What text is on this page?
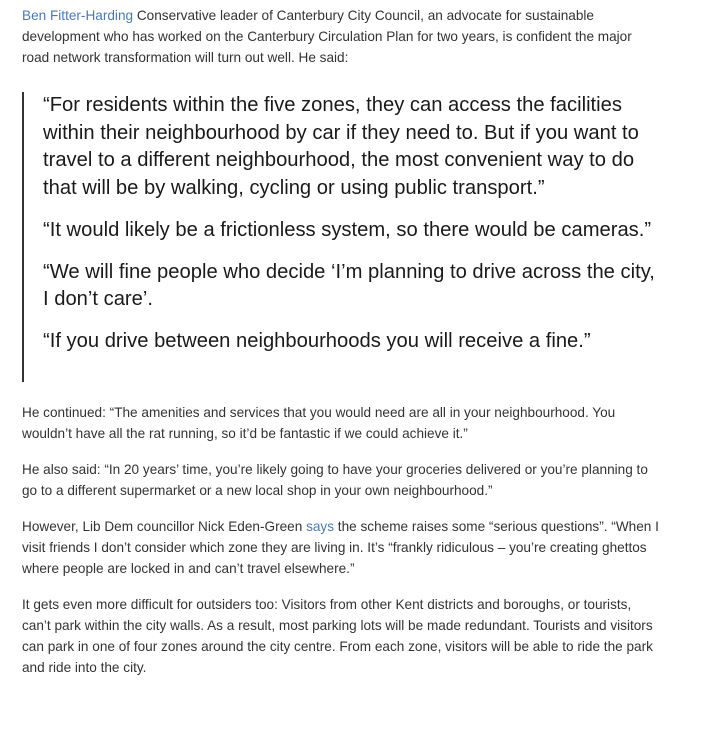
Ben Fitter-Harding Conservative leader of Canterbury City Council, an advocate for sustainable development who has worked on the Canterbury Circulation Plan for two years, is confident the major road network transformation will turn out well. He said:

“For residents within the five zones, they can access the facilities within their neighbourhood by car if they need to. But if you want to travel to a different neighbourhood, the most convenient way to do that will be by walking, cycling or using public transport.”

“It would likely be a frictionless system, so there would be cameras.”

“We will fine people who decide ‘I’m planning to drive across the city, I don’t care’.

“If you drive between neighbourhoods you will receive a fine.”

He continued: “The amenities and services that you would need are all in your neighbourhood. You wouldn’t have all the rat running, so it’d be fantastic if we could achieve it.”

He also said: “In 20 years’ time, you’re likely going to have your groceries delivered or you’re planning to go to a different supermarket or a new local shop in your own neighbourhood.”

However, Lib Dem councillor Nick Eden-Green says the scheme raises some “serious questions”. “When I visit friends I don’t consider which zone they are living in. It’s “frankly ridiculous – you’re creating ghettos where people are locked in and can’t travel elsewhere.”

It gets even more difficult for outsiders too: Visitors from other Kent districts and boroughs, or tourists, can’t park within the city walls. As a result, most parking lots will be made redundant. Tourists and visitors can park in one of four zones around the city centre. From each zone, visitors will be able to ride the park and ride into the city.
